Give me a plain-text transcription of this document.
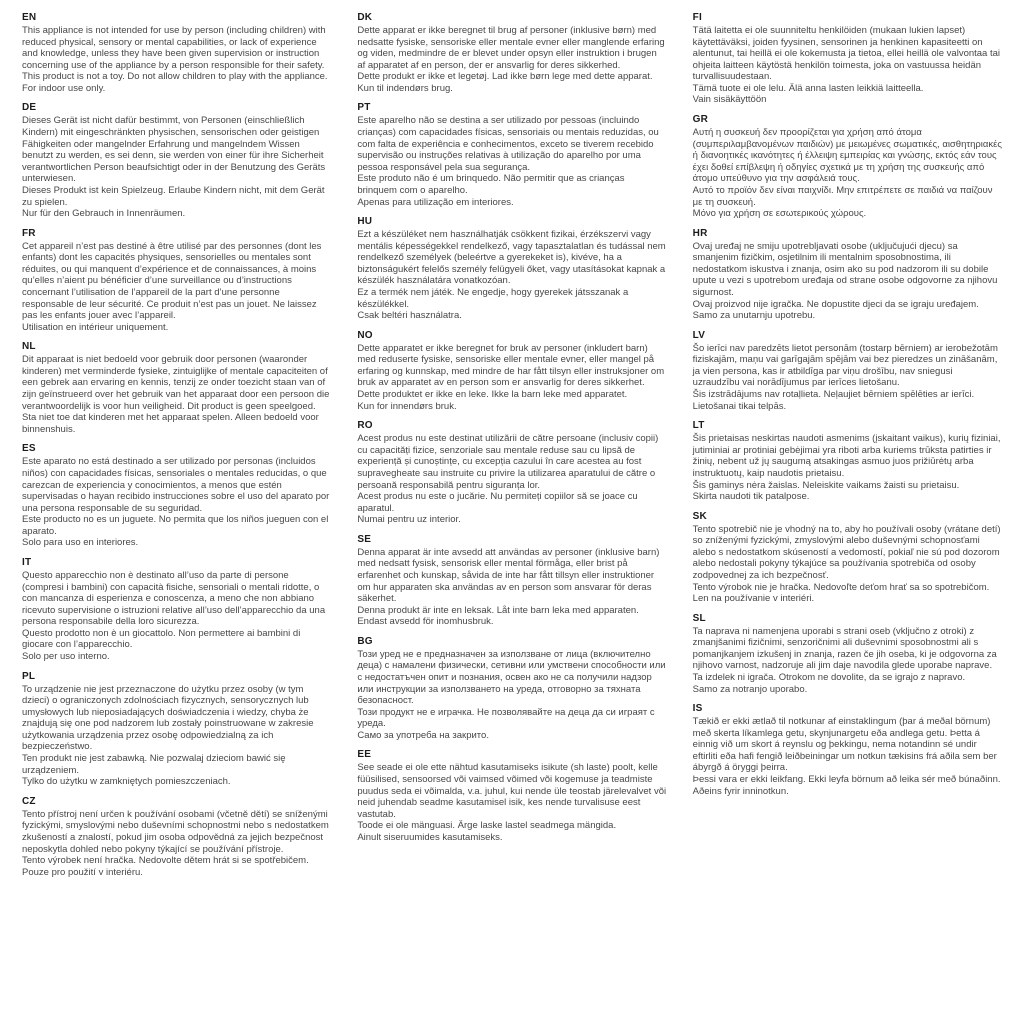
EN

This appliance is not intended for use by person (including children) with reduced physical, sensory or mental capabilities, or lack of experience and knowledge, unless they have been given supervision or instruction concerning use of the appliance by a person responsible for their safety.

This product is not a toy. Do not allow children to play with the appliance.

For indoor use only.

DE

Dieses Gerät ist nicht dafür bestimmt, von Personen (einschließlich Kindern) mit eingeschränkten physischen, sensorischen oder geistigen Fähigkeiten oder mangelnder Erfahrung und mangelndem Wissen benutzt zu werden, es sei denn, sie werden von einer für ihre Sicherheit verantwortlichen Person beaufsichtigt oder in der Benutzung des Geräts unterwiesen.

Dieses Produkt ist kein Spielzeug. Erlaube Kindern nicht, mit dem Gerät zu spielen.

Nur für den Gebrauch in Innenräumen.

FR

Cet appareil n’est pas destiné à être utilisé par des personnes (dont les enfants) dont les capacités physiques, sensorielles ou mentales sont réduites, ou qui manquent d’expérience et de connaissances, à moins qu’elles n’aient pu bénéficier d’une surveillance ou d’instructions concernant l’utilisation de l’appareil de la part d’une personne responsable de leur sécurité. Ce produit n’est pas un jouet. Ne laissez pas les enfants jouer avec l’appareil.

Utilisation en intérieur uniquement.

NL

Dit apparaat is niet bedoeld voor gebruik door personen (waaronder kinderen) met verminderde fysieke, zintuiglijke of mentale capaciteiten of een gebrek aan ervaring en kennis, tenzij ze onder toezicht staan van of zijn geïnstrueerd over het gebruik van het apparaat door een persoon die verantwoordelijk is voor hun veiligheid. Dit product is geen speelgoed. Sta niet toe dat kinderen met het apparaat spelen. Alleen bedoeld voor binnenshuis.

ES

Este aparato no está destinado a ser utilizado por personas (incluidos niños) con capacidades físicas, sensoriales o mentales reducidas, o que carezcan de experiencia y conocimientos, a menos que estén supervisadas o hayan recibido instrucciones sobre el uso del aparato por una persona responsable de su seguridad.

Este producto no es un juguete. No permita que los niños jueguen con el aparato.

Solo para uso en interiores.

IT

Questo apparecchio non è destinato all’uso da parte di persone (compresi i bambini) con capacità fisiche, sensoriali o mentali ridotte, o con mancanza di esperienza e conoscenza, a meno che non abbiano ricevuto supervisione o istruzioni relative all’uso dell’apparecchio da una persona responsabile della loro sicurezza.

Questo prodotto non è un giocattolo. Non permettere ai bambini di giocare con l’apparecchio.

Solo per uso interno.

PL

To urządzenie nie jest przeznaczone do użytku przez osoby (w tym dzieci) o ograniczonych zdolnościach fizycznych, sensorycznych lub umysłowych lub nieposiadających doświadczenia i wiedzy, chyba że znajdują się one pod nadzorem lub zostały poinstruowane w zakresie użytkowania urządzenia przez osobę odpowiedzialną za ich bezpieczeństwo.

Ten produkt nie jest zabawką. Nie pozwalaj dzieciom bawić się urządzeniem.

Tylko do użytku w zamkniętych pomieszczeniach.

CZ

Tento přístroj není určen k používání osobami (včetně dětí) se sníženými fyzickými, smyslovými nebo duševními schopnostmi nebo s nedostatkem zkušeností a znalostí, pokud jim osoba odpovědná za jejich bezpečnost neposkytla dohled nebo pokyny týkající se používání přístroje.

Tento výrobek není hračka. Nedovolte dětem hrát si se spotřebičem.

Pouze pro použití v interiéru.

DK

Dette apparat er ikke beregnet til brug af personer (inklusive børn) med nedsatte fysiske, sensoriske eller mentale evner eller manglende erfaring og viden, medmindre de er blevet under opsyn eller instruktion i brugen af apparatet af en person, der er ansvarlig for deres sikkerhed.

Dette produkt er ikke et legetøj. Lad ikke børn lege med dette apparat.

Kun til indendørs brug.

PT

Este aparelho não se destina a ser utilizado por pessoas (incluindo crianças) com capacidades físicas, sensoriais ou mentais reduzidas, ou com falta de experiência e conhecimentos, exceto se tiverem recebido supervisão ou instruções relativas à utilização do aparelho por uma pessoa responsável pela sua segurança.

Este produto não é um brinquedo. Não permitir que as crianças brinquem com o aparelho.

Apenas para utilização em interiores.

HU

Ezt a készüléket nem használhatják csökkent fizikai, érzékszervi vagy mentális képességekkel rendelkező, vagy tapasztalatlan és tudással nem rendelkező személyek (beleértve a gyerekeket is), kivéve, ha a biztonságukért felelős személy felügyeli őket, vagy utasításokat kapnak a készülék használatára vonatkozóan.

Ez a termék nem játék. Ne engedje, hogy gyerekek játsszanak a készülékkel.

Csak beltéri használatra.

NO

Dette apparatet er ikke beregnet for bruk av personer (inkludert barn) med reduserte fysiske, sensoriske eller mentale evner, eller mangel på erfaring og kunnskap, med mindre de har fått tilsyn eller instruksjoner om bruk av apparatet av en person som er ansvarlig for deres sikkerhet.

Dette produktet er ikke en leke. Ikke la barn leke med apparatet.

Kun for innendørs bruk.

RO

Acest produs nu este destinat utilizării de către persoane (inclusiv copii) cu capacități fizice, senzoriale sau mentale reduse sau cu lipsă de experiență și cunoștințe, cu excepția cazului în care acestea au fost supravegheate sau instruite cu privire la utilizarea aparatului de către o persoană responsabilă pentru siguranța lor.

Acest produs nu este o jucărie. Nu permiteți copiilor să se joace cu aparatul.

Numai pentru uz interior.

SE

Denna apparat är inte avsedd att användas av personer (inklusive barn) med nedsatt fysisk, sensorisk eller mental förmåga, eller brist på erfarenhet och kunskap, såvida de inte har fått tillsyn eller instruktioner om hur apparaten ska användas av en person som ansvarar för deras säkerhet.

Denna produkt är inte en leksak. Låt inte barn leka med apparaten.

Endast avsedd för inomhusbruk.

BG

Този уред не е предназначен за използване от лица (включително деца) с намалени физически, сетивни или умствени способности или с недостатъчен опит и познания, освен ако не са получили надзор или инструкции за използването на уреда, отговорно за тяхната безопасност.

Този продукт не е играчка. Не позволявайте на деца да си играят с уреда.

Само за употреба на закрито.

EE

See seade ei ole ette nähtud kasutamiseks isikute (sh laste) poolt, kelle füüsilised, sensoorsed või vaimsed võimed või kogemuse ja teadmiste puudus seda ei võimalda, v.a. juhul, kui nende üle teostab järelevalvet või neid juhendab seadme kasutamisel isik, kes nende turvalisuse eest vastutab.

Toode ei ole mänguasi. Ärge laske lastel seadmega mängida.

Ainult siseruumides kasutamiseks.

FI

Tätä laitetta ei ole suunniteltu henkilöiden (mukaan lukien lapset) käytettäväksi, joiden fyysinen, sensorinen ja henkinen kapasiteetti on alentunut, tai heillä ei ole kokemusta ja tietoa, ellei heillä ole valvontaa tai ohjeita laitteen käytöstä henkilön toimesta, joka on vastuussa heidän turvallisuudestaan.

Tämä tuote ei ole lelu. Älä anna lasten leikkiä laitteella.

Vain sisäkäyttöön

GR

Αυτή η συσκευή δεν προορίζεται για χρήση από άτομα (συμπεριλαμβανομένων παιδιών) με μειωμένες σωματικές, αισθητηριακές ή διανοητικές ικανότητες ή έλλειψη εμπειρίας και γνώσης, εκτός εάν τους έχει δοθεί επίβλεψη ή οδηγίες σχετικά με τη χρήση της συσκευής από άτομο υπεύθυνο για την ασφάλειά τους.

Αυτό το προϊόν δεν είναι παιχνίδι. Μην επιτρέπετε σε παιδιά να παίζουν με τη συσκευή.

Μόνο για χρήση σε εσωτερικούς χώρους.

HR

Ovaj uređaj ne smiju upotrebljavati osobe (uključujući djecu) sa smanjenim fizičkim, osjetilnim ili mentalnim sposobnostima, ili nedostatkom iskustva i znanja, osim ako su pod nadzorom ili su dobile upute u vezi s upotrebom uređaja od strane osobe odgovorne za njihovu sigurnost.

Ovaj proizvod nije igračka. Ne dopustite djeci da se igraju uređajem.

Samo za unutarnju upotrebu.

LV

Šo ierīci nav paredzēts lietot personām (tostarp bērniem) ar ierobežotām fiziskajām, maņu vai garīgajām spējām vai bez pieredzes un zināšanām, ja vien persona, kas ir atbildīga par viņu drošību, nav sniegusi uzraudzību vai norādījumus par ierīces lietošanu.

Šis izstrādājums nav rotaļlieta. Neļaujiet bērniem spēlēties ar ierīci.

Lietošanai tikai telpās.

LT

Šis prietaisas neskirtas naudoti asmenims (įskaitant vaikus), kurių fiziniai, jutiminiai ar protiniai gebėjimai yra riboti arba kuriems trūksta patirties ir žinių, nebent už jų saugumą atsakingas asmuo juos prižiūrėtų arba instruktuotų, kaip naudotis prietaisu.

Šis gaminys nėra žaislas. Neleiskite vaikams žaisti su prietaisu.

Skirta naudoti tik patalpose.

SK

Tento spotrebič nie je vhodný na to, aby ho používali osoby (vrátane detí) so zníženými fyzickými, zmyslovými alebo duševnými schopnosťami alebo s nedostatkom skúseností a vedomostí, pokiaľ nie sú pod dozorom alebo nedostali pokyny týkajúce sa používania spotrebiča od osoby zodpovednej za ich bezpečnosť.

Tento výrobok nie je hračka. Nedovoľte deťom hrať sa so spotrebičom.

Len na používanie v interiéri.

SL

Ta naprava ni namenjena uporabi s strani oseb (vključno z otroki) z zmanjšanimi fizičnimi, senzoričnimi ali duševnimi sposobnostmi ali s pomanjkanjem izkušenj in znanja, razen če jih oseba, ki je odgovorna za njihovo varnost, nadzoruje ali jim daje navodila glede uporabe naprave.

Ta izdelek ni igrača. Otrokom ne dovolite, da se igrajo z napravo.

Samo za notranjo uporabo.

IS

Tækið er ekki ætlað til notkunar af einstaklingum (þar á meðal börnum) með skerta líkamlega getu, skynjunargetu eða andlega getu. Þetta á einnig við um skort á reynslu og þekkingu, nema notandinn sé undir eftirliti eða hafi fengið leiðbeiningar um notkun tækisins frá aðila sem ber ábyrgð á öryggi þeirra.

Þessi vara er ekki leikfang. Ekki leyfa börnum að leika sér með búnaðinn.

Aðeins fyrir inninotkun.
